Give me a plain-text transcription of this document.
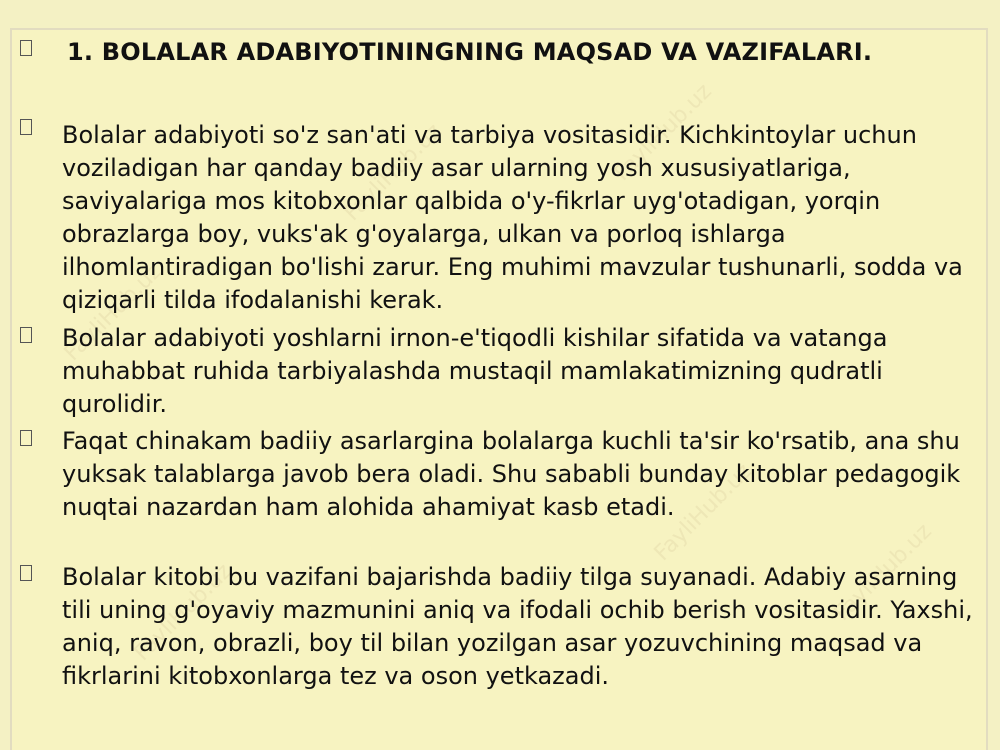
FayliHub.uz
FayliHub.uz	FayliHub.uz
FayliHub.uz
FayliHub.uz
FayliHub.uz
1. BOLALAR ADABIYOTININGNING MAQSAD VA VAZIFALARI.

Bolalar adabiyoti so'z san'ati va tarbiya vositasidir. Kichkintoylar uchun voziladigan har qanday badiiy asar ularning yosh xususiyatlariga, saviyalariga mos kitobxonlar qalbida o'y-fikrlar uyg'otadigan, yorqin obrazlarga boy, vuks'ak g'oyalarga, ulkan va porloq ishlarga ilhomlantiradigan bo'lishi zarur. Eng muhimi mavzular tushunarli, sodda va qiziqarli tilda ifodalanishi kerak.

Bolalar adabiyoti yoshlarni irnon-e'tiqodli kishilar sifatida va vatanga muhabbat ruhida tarbiyalashda mustaqil mamlakatimizning qudratli qurolidir.

Faqat chinakam badiiy asarlargina bolalarga kuchli ta'sir ko'rsatib, ana shu yuksak talablarga javob bera oladi. Shu sababli bunday kitoblar pedagogik nuqtai nazardan ham alohida ahamiyat kasb etadi.

Bolalar kitobi bu vazifani bajarishda badiiy tilga suyanadi. Adabiy asarning tili uning g'oyaviy mazmunini aniq va ifodali ochib berish vositasidir. Yaxshi, aniq, ravon, obrazli, boy til bilan yozilgan asar yozuvchining maqsad va fikrlarini kitobxonlarga tez va oson yetkazadi.
